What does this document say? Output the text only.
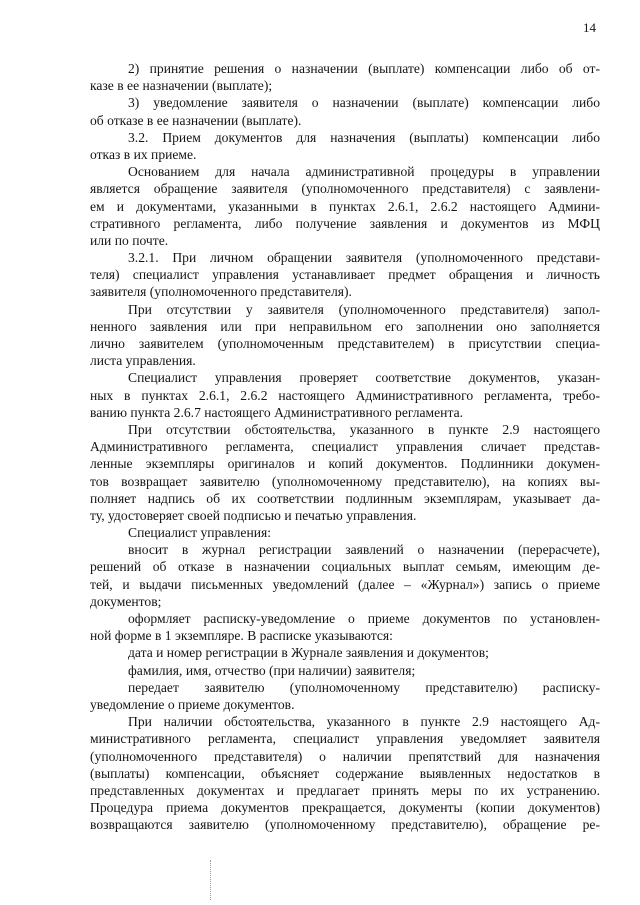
14
2) принятие решения о назначении (выплате) компенсации либо об от-
казе в ее назначении (выплате);
3) уведомление заявителя о назначении (выплате) компенсации либо
об отказе в ее назначении (выплате).
3.2. Прием документов для назначения (выплаты) компенсации либо
отказ в их приеме.
Основанием для начала административной процедуры в управлении
является обращение заявителя (уполномоченного представителя) с заявлени-
ем и документами, указанными в пунктах 2.6.1, 2.6.2 настоящего Админи-
стративного регламента, либо получение заявления и документов из МФЦ
или по почте.
3.2.1. При личном обращении заявителя (уполномоченного представи-
теля) специалист управления устанавливает предмет обращения и личность
заявителя (уполномоченного представителя).
При отсутствии у заявителя (уполномоченного представителя) запол-
ненного заявления или при неправильном его заполнении оно заполняется
лично заявителем (уполномоченным представителем) в присутствии специа-
листа управления.
Специалист управления проверяет соответствие документов, указан-
ных в пунктах 2.6.1, 2.6.2 настоящего Административного регламента, требо-
ванию пункта 2.6.7 настоящего Административного регламента.
При отсутствии обстоятельства, указанного в пункте 2.9 настоящего
Административного регламента, специалист управления сличает представ-
ленные экземпляры оригиналов и копий документов. Подлинники докумен-
тов возвращает заявителю (уполномоченному представителю), на копиях вы-
полняет надпись об их соответствии подлинным экземплярам, указывает да-
ту, удостоверяет своей подписью и печатью управления.
Специалист управления:
вносит в журнал регистрации заявлений о назначении (перерасчете),
решений об отказе в назначении социальных выплат семьям, имеющим де-
тей, и выдачи письменных уведомлений (далее – «Журнал») запись о приеме
документов;
оформляет расписку-уведомление о приеме документов по установлен-
ной форме в 1 экземпляре. В расписке указываются:
дата и номер регистрации в Журнале заявления и документов;
фамилия, имя, отчество (при наличии) заявителя;
передает заявителю (уполномоченному представителю) расписку-
уведомление о приеме документов.
При наличии обстоятельства, указанного в пункте 2.9 настоящего Ад-
министративного регламента, специалист управления уведомляет заявителя
(уполномоченного представителя) о наличии препятствий для назначения
(выплаты) компенсации, объясняет содержание выявленных недостатков в
представленных документах и предлагает принять меры по их устранению.
Процедура приема документов прекращается, документы (копии документов)
возвращаются заявителю (уполномоченному представителю), обращение ре-
